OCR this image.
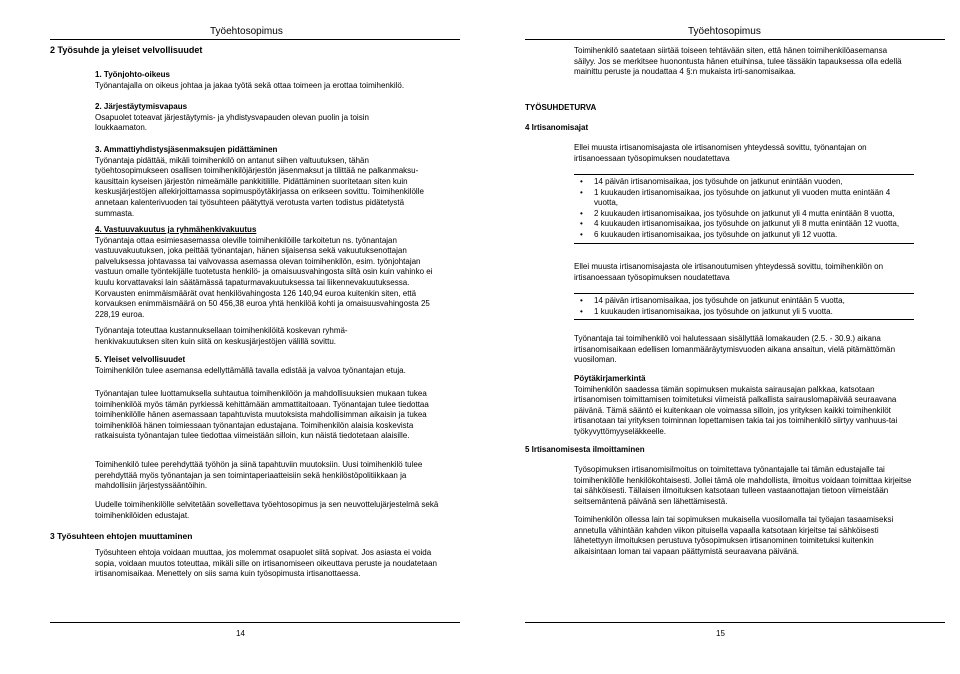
Työehtosopimus
2 Työsuhde ja yleiset velvollisuudet

1. Työnjohto-oikeus

Työnantajalla on oikeus johtaa ja jakaa työtä sekä ottaa toimeen ja erottaa toimihenkilö.

2. Järjestäytymisvapaus

Osapuolet toteavat järjestäytymis- ja yhdistysvapauden olevan puolin ja toisin loukkaamaton.

3. Ammattiyhdistysjäsenmaksujen pidättäminen

Työnantaja pidättää, mikäli toimihenkilö on antanut siihen valtuutuksen, tähän työehtosopimukseen osallisen toimihenkilöjärjestön jäsenmaksut ja tilittää ne palkanmaksu-kausittain kyseisen järjestön nimeämälle pankkitilille. Pidättäminen suoritetaan siten kuin keskusjärjestöjen allekirjoittamassa sopimuspöytäkirjassa on erikseen sovittu. Toimihenkilölle annetaan kalenterivuoden tai työsuhteen päätyttyä verotusta varten todistus pidätetystä summasta.

4. Vastuuvakuutus ja ryhmähenkivakuutus

Työnantaja ottaa esimiesasemassa oleville toimihenkilöille tarkoitetun ns. työnantajan vastuuvakuutuksen, joka peittää työnantajan, hänen sijaisensa sekä vakuutuksenottajan palveluksessa johtavassa tai valvovassa asemassa olevan toimihenkilön, esim. työnjohtajan vastuun omalle työntekijälle tuotetusta henkilö- ja omaisuusvahingosta siltä osin kuin vahinko ei kuulu korvattavaksi lain säätämässä tapaturmavakuutuksessa tai liikennevakuutuksessa. Korvausten enimmäismäärät ovat henkilövahingosta 126 140,94 euroa kuitenkin siten, että korvauksen enimmäismäärä on 50 456,38 euroa yhtä henkilöä kohti ja omaisuusvahingosta 25 228,19 euroa.

Työnantaja toteuttaa kustannuksellaan toimihenkilöitä koskevan ryhmä-henkivakuutuksen siten kuin siitä on keskusjärjestöjen välillä sovittu.

5. Yleiset velvollisuudet

Toimihenkilön tulee asemansa edellyttämällä tavalla edistää ja valvoa työnantajan etuja.

Työnantajan tulee luottamuksella suhtautua toimihenkilöön ja mahdollisuuksien mukaan tukea toimihenkilöä myös tämän pyrkiessä kehittämään ammattitaitoaan. Työnantajan tulee tiedottaa toimihenkilölle hänen asemassaan tapahtuvista muutoksista mahdollisimman aikaisin ja tukea toimihenkilöä hänen toimiessaan työnantajan edustajana. Toimihenkilön alaisia koskevista ratkaisuista työnantajan tulee tiedottaa viimeistään silloin, kun näistä tiedotetaan alaisille.
Toimihenkilö tulee perehdyttää työhön ja siinä tapahtuviin muutoksiin. Uusi toimihenkilö tulee perehdyttää myös työnantajan ja sen toimintaperiaatteisiin sekä henkilöstöpolitiikkaan ja mahdollisiin järjestyssääntöihin.
Uudelle toimihenkilölle selvitetään sovellettava työehtosopimus ja sen neuvottelujärjestelmä sekä toimihenkilöiden edustajat.
3 Työsuhteen ehtojen muuttaminen
Työsuhteen ehtoja voidaan muuttaa, jos molemmat osapuolet siitä sopivat. Jos asiasta ei voida sopia, voidaan muutos toteuttaa, mikäli sille on irtisanomiseen oikeuttava peruste ja noudatetaan irtisanomisaikaa. Menettely on siis sama kuin työsopimusta irtisanottaessa.
14
Työehtosopimus
Toimihenkilö saatetaan siirtää toiseen tehtävään siten, että hänen toimihenkilöasemansa säilyy. Jos se merkitsee huonontusta hänen etuihinsa, tulee tässäkin tapauksessa olla edellä mainittu peruste ja noudattaa 4 §:n mukaista irti-sanomisaikaa.
TYÖSUHDETURVA
4 Irtisanomisajat
Ellei muusta irtisanomisajasta ole irtisanomisen yhteydessä sovittu, työnantajan on irtisanoessaan työsopimuksen noudatettava
• 14 päivän irtisanomisaikaa, jos työsuhde on jatkunut enintään vuoden,
• 1 kuukauden irtisanomisaikaa, jos työsuhde on jatkunut yli vuoden mutta enintään 4 vuotta,
• 2 kuukauden irtisanomisaikaa, jos työsuhde on jatkunut yli 4 mutta enintään 8 vuotta,
• 4 kuukauden irtisanomisaikaa, jos työsuhde on jatkunut yli 8 mutta enintään 12 vuotta,
• 6 kuukauden irtisanomisaikaa, jos työsuhde on jatkunut yli 12 vuotta.
Ellei muusta irtisanomisajasta ole irtisanoutumisen yhteydessä sovittu, toimihenkilön on irtisanoessaan työsopimuksen noudatettava
• 14 päivän irtisanomisaikaa, jos työsuhde on jatkunut enintään 5 vuotta,
• 1 kuukauden irtisanomisaikaa, jos työsuhde on jatkunut yli 5 vuotta.
Työnantaja tai toimihenkilö voi halutessaan sisällyttää lomakauden (2.5. - 30.9.) aikana irtisanomisaikaan edellisen lomanmääräytymisvuoden aikana ansaitun, vielä pitämättömän vuosiloman.

Pöytäkirjamerkintä

Toimihenkilön saadessa tämän sopimuksen mukaista sairausajan palkkaa, katsotaan irtisanomisen toimittamisen toimitetuksi viimeistä palkallista sairauslomapäivää seuraavana päivänä. Tämä sääntö ei kuitenkaan ole voimassa silloin, jos yrityksen kaikki toimihenkilöt irtisanotaan tai yrityksen toiminnan lopettamisen takia tai jos toimihenkilö siirtyy vanhuus-tai työkyvyttömyyseläkkeelle.

5 Irtisanomisesta ilmoittaminen
Työsopimuksen irtisanomisilmoitus on toimitettava työnantajalle tai tämän edustajalle tai toimihenkilölle henkilökohtaisesti. Jollei tämä ole mahdollista, ilmoitus voidaan toimittaa kirjeitse tai sähköisesti. Tällaisen ilmoituksen katsotaan tulleen vastaanottajan tietoon viimeistään seitsemäntenä päivänä sen lähettämisestä.
Toimihenkilön ollessa lain tai sopimuksen mukaisella vuosilomalla tai työajan tasaamiseksi annetulla vähintään kahden viikon pituisella vapaalla katsotaan kirjeitse tai sähköisesti lähetettyyn ilmoituksen perustuva työsopimuksen irtisanominen toimitetuksi kuitenkin aikaisintaan loman tai vapaan päättymistä seuraavana päivänä.
15
